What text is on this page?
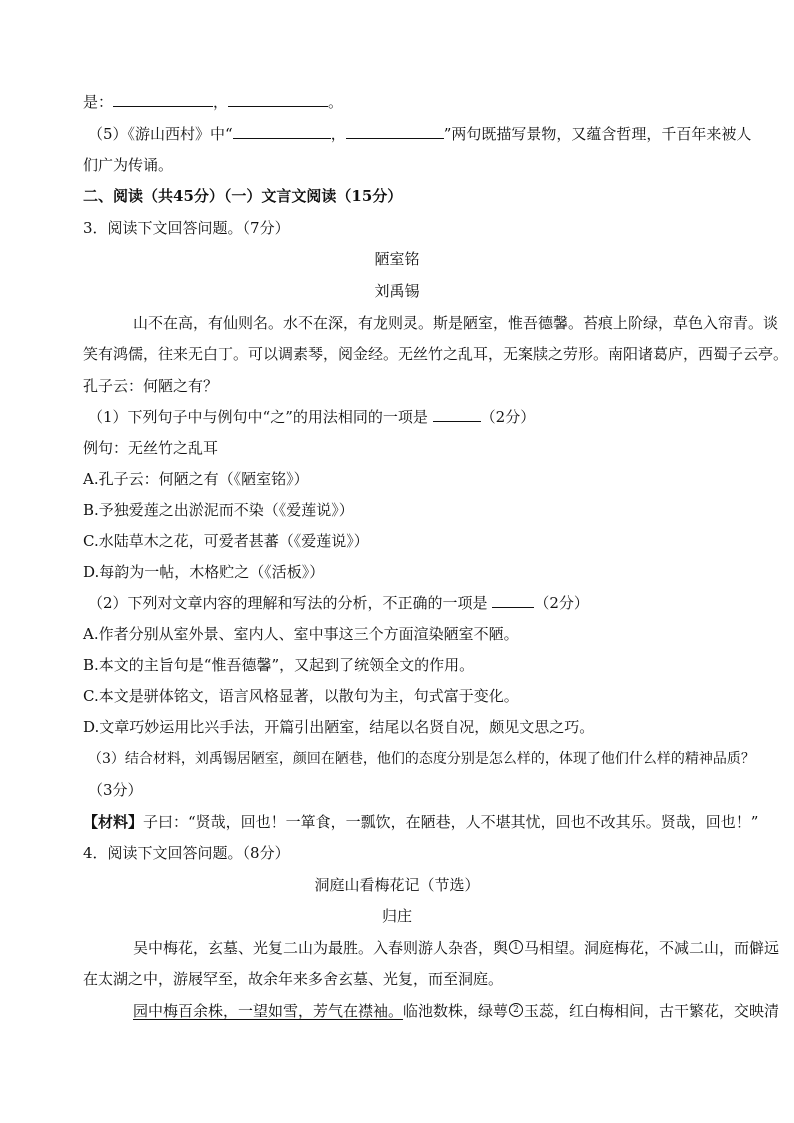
是：	，	。
（5）《游山西村》中“	，	”两句既描写景物，又蕴含哲理，千百年来被人
们广为传诵。
二、阅读（共45分）（一）文言文阅读（15分）
3．阅读下文回答问题。（7分）
陋室铭
刘禹锡
山不在高，有仙则名。水不在深，有龙则灵。斯是陋室，惟吾德馨。苔痕上阶绿，草色入帘青。谈
笑有鸿儒，往来无白丁。可以调素琴，阅金经。无丝竹之乱耳，无案牍之劳形。南阳诸葛庐，西蜀子云亭。
孔子云：何陋之有？
（1）下列句子中与例句中“之”的用法相同的一项是	（2分）
例句：无丝竹之乱耳
A.孔子云：何陋之有（《陋室铭》）
B.予独爱莲之出淤泥而不染（《爱莲说》）
C.水陆草木之花，可爱者甚蕃（《爱莲说》）
D.每韵为一帖，木格贮之（《活板》）
（2）下列对文章内容的理解和写法的分析，不正确的一项是	（2分）
A.作者分别从室外景、室内人、室中事这三个方面渲染陋室不陋。
B.本文的主旨句是“惟吾德馨”，又起到了统领全文的作用。
C.本文是骈体铭文，语言风格显著，以散句为主，句式富于变化。
D.文章巧妙运用比兴手法，开篇引出陋室，结尾以名贤自况，颇见文思之巧。
（3）结合材料，刘禹锡居陋室，颜回在陋巷，他们的态度分别是怎么样的，体现了他们什么样的精神品质？
（3分）
【材料】子曰：“贤哉，回也！一箪食，一瓢饮，在陋巷，人不堪其忧，回也不改其乐。贤哉，回也！”
4．阅读下文回答问题。（8分）
洞庭山看梅花记（节选）
归庄
吴中梅花，玄墓、光复二山为最胜。入春则游人杂沓，舆 1 马相望。洞庭梅花，不减二山，而僻远
在太湖之中，游屐罕至，故余年来多舍玄墓、光复，而至洞庭。
园中梅百余株，一望如雪，芳气在襟袖。临池数株，绿萼 2 玉蕊，红白梅相间，古干繁花，交映清
